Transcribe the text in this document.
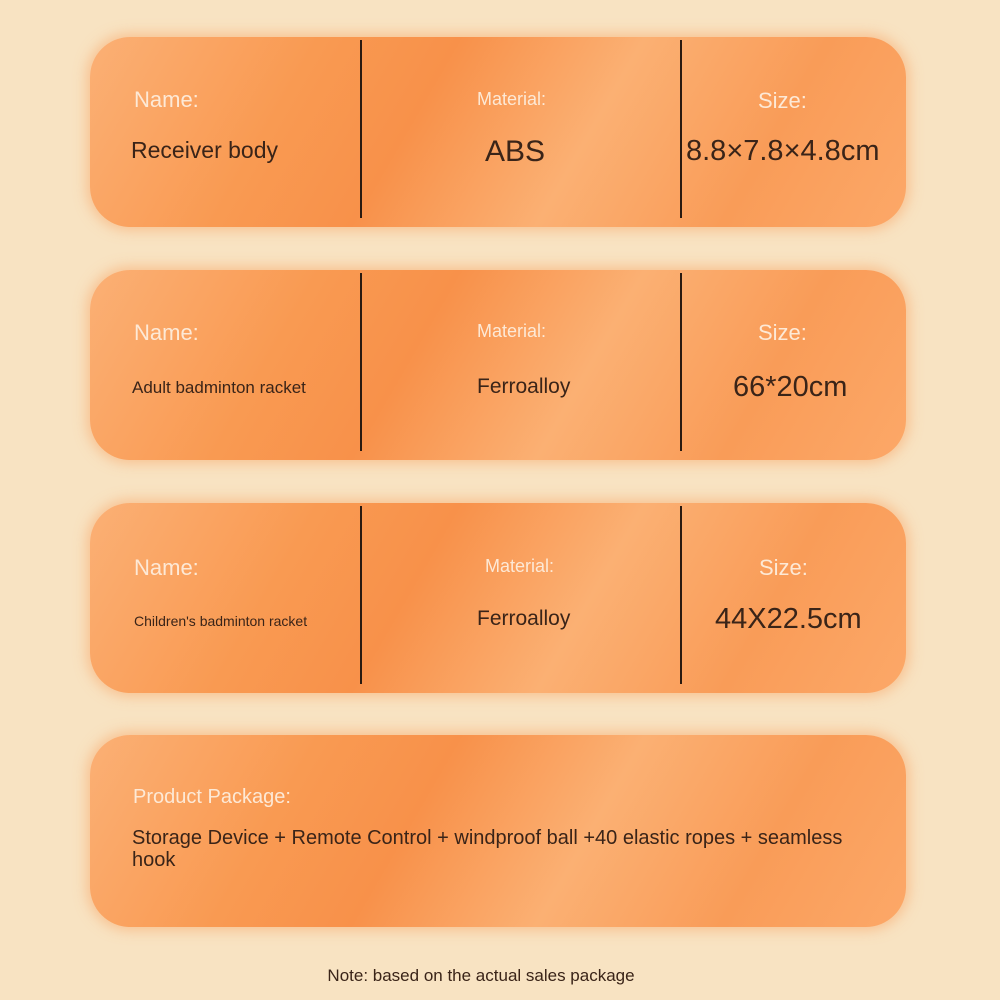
Name:
Receiver body
Material:
ABS
Size:
8.8×7.8×4.8cm
Name:
Adult badminton racket
Material:
Ferroalloy
Size:
66*20cm
Name:
Children's badminton racket
Material:
Ferroalloy
Size:
44X22.5cm
Product Package:
Storage Device + Remote Control + windproof ball +40 elastic ropes + seamless hook
Note: based on the actual sales package
